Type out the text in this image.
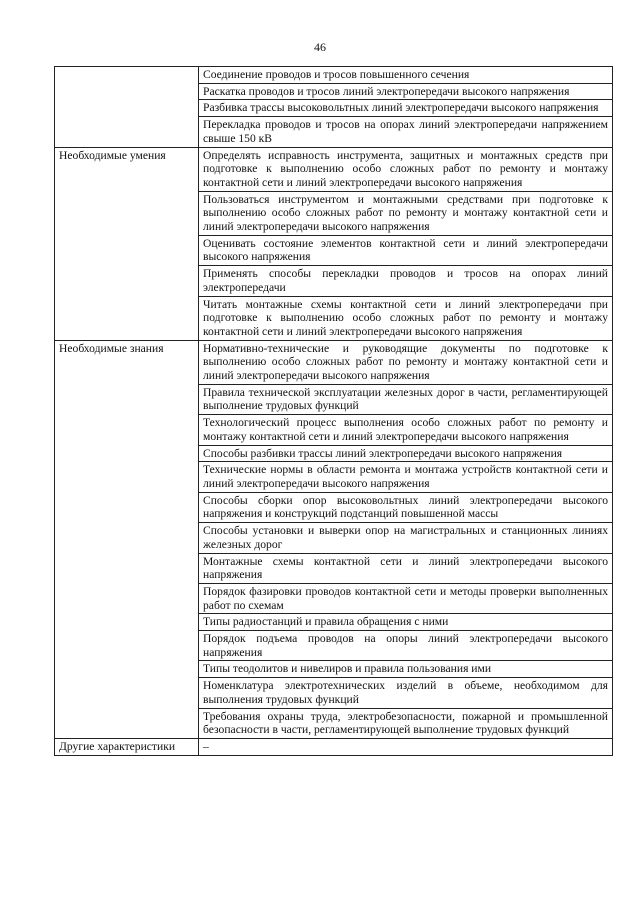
46
	Соединение проводов и тросов повышенного сечения
	Раскатка проводов и тросов линий электропередачи высокого напряжения
	Разбивка трассы высоковольтных линий электропередачи высокого напряжения
	Перекладка проводов и тросов на опорах линий электропередачи напряжением свыше 150 кВ
Необходимые умения	Определять исправность инструмента, защитных и монтажных средств при подготовке к выполнению особо сложных работ по ремонту и монтажу контактной сети и линий электропередачи высокого напряжения
	Пользоваться инструментом и монтажными средствами при подготовке к выполнению особо сложных работ по ремонту и монтажу контактной сети и линий электропередачи высокого напряжения
	Оценивать состояние элементов контактной сети и линий электропередачи высокого напряжения
	Применять способы перекладки проводов и тросов на опорах линий электропередачи
	Читать монтажные схемы контактной сети и линий электропередачи при подготовке к выполнению особо сложных работ по ремонту и монтажу контактной сети и линий электропередачи высокого напряжения
Необходимые знания	Нормативно-технические и руководящие документы по подготовке к выполнению особо сложных работ по ремонту и монтажу контактной сети и линий электропередачи высокого напряжения
	Правила технической эксплуатации железных дорог в части, регламентирующей выполнение трудовых функций
	Технологический процесс выполнения особо сложных работ по ремонту и монтажу контактной сети и линий электропередачи высокого напряжения
	Способы разбивки трассы линий электропередачи высокого напряжения
	Технические нормы в области ремонта и монтажа устройств контактной сети и линий электропередачи высокого напряжения
	Способы сборки опор высоковольтных линий электропередачи высокого напряжения и конструкций подстанций повышенной массы
	Способы установки и выверки опор на магистральных и станционных линиях железных дорог
	Монтажные схемы контактной сети и линий электропередачи высокого напряжения
	Порядок фазировки проводов контактной сети и методы проверки выполненных работ по схемам
	Типы радиостанций и правила обращения с ними
	Порядок подъема проводов на опоры линий электропередачи высокого напряжения
	Типы теодолитов и нивелиров и правила пользования ими
	Номенклатура электротехнических изделий в объеме, необходимом для выполнения трудовых функций
	Требования охраны труда, электробезопасности, пожарной и промышленной безопасности в части, регламентирующей выполнение трудовых функций
Другие характеристики	–
